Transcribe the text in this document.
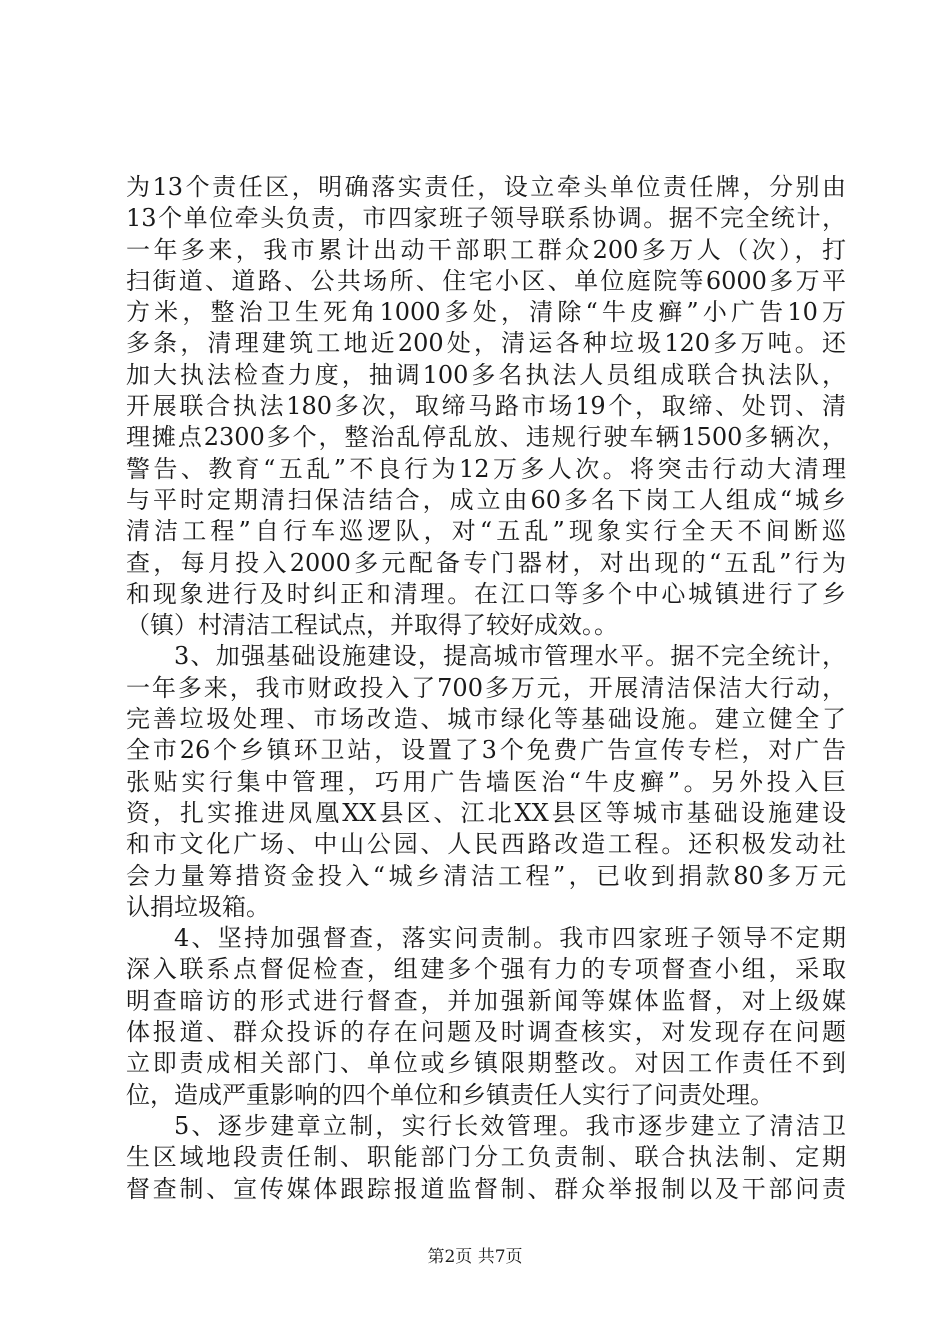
为13个责任区，明确落实责任，设立牵头单位责任牌，分别由
13个单位牵头负责，市四家班子领导联系协调。据不完全统计，
一年多来，我市累计出动干部职工群众200多万人（次），打
扫街道、道路、公共场所、住宅小区、单位庭院等6000多万平
方米，整治卫生死角1000多处，清除“牛皮癣”小广告10万
多条，清理建筑工地近200处，清运各种垃圾120多万吨。还
加大执法检查力度，抽调100多名执法人员组成联合执法队，
开展联合执法180多次，取缔马路市场19个，取缔、处罚、清
理摊点2300多个，整治乱停乱放、违规行驶车辆1500多辆次，
警告、教育“五乱”不良行为12万多人次。将突击行动大清理
与平时定期清扫保洁结合，成立由60多名下岗工人组成“城乡
清洁工程”自行车巡逻队，对“五乱”现象实行全天不间断巡
查，每月投入2000多元配备专门器材，对出现的“五乱”行为
和现象进行及时纠正和清理。在江口等多个中心城镇进行了乡
（镇）村清洁工程试点，并取得了较好成效。。
3、加强基础设施建设，提高城市管理水平。据不完全统计，
一年多来，我市财政投入了700多万元，开展清洁保洁大行动，
完善垃圾处理、市场改造、城市绿化等基础设施。建立健全了
全市26个乡镇环卫站，设置了3个免费广告宣传专栏，对广告
张贴实行集中管理，巧用广告墙医治“牛皮癣”。另外投入巨
资，扎实推进凤凰XX县区、江北XX县区等城市基础设施建设
和市文化广场、中山公园、人民西路改造工程。还积极发动社
会力量筹措资金投入“城乡清洁工程”，已收到捐款80多万元
认捐垃圾箱。
4、坚持加强督查，落实问责制。我市四家班子领导不定期
深入联系点督促检查，组建多个强有力的专项督查小组，采取
明查暗访的形式进行督查，并加强新闻等媒体监督，对上级媒
体报道、群众投诉的存在问题及时调查核实，对发现存在问题
立即责成相关部门、单位或乡镇限期整改。对因工作责任不到
位，造成严重影响的四个单位和乡镇责任人实行了问责处理。
5、逐步建章立制，实行长效管理。我市逐步建立了清洁卫
生区域地段责任制、职能部门分工负责制、联合执法制、定期
督查制、宣传媒体跟踪报道监督制、群众举报制以及干部问责
第2页 共7页
